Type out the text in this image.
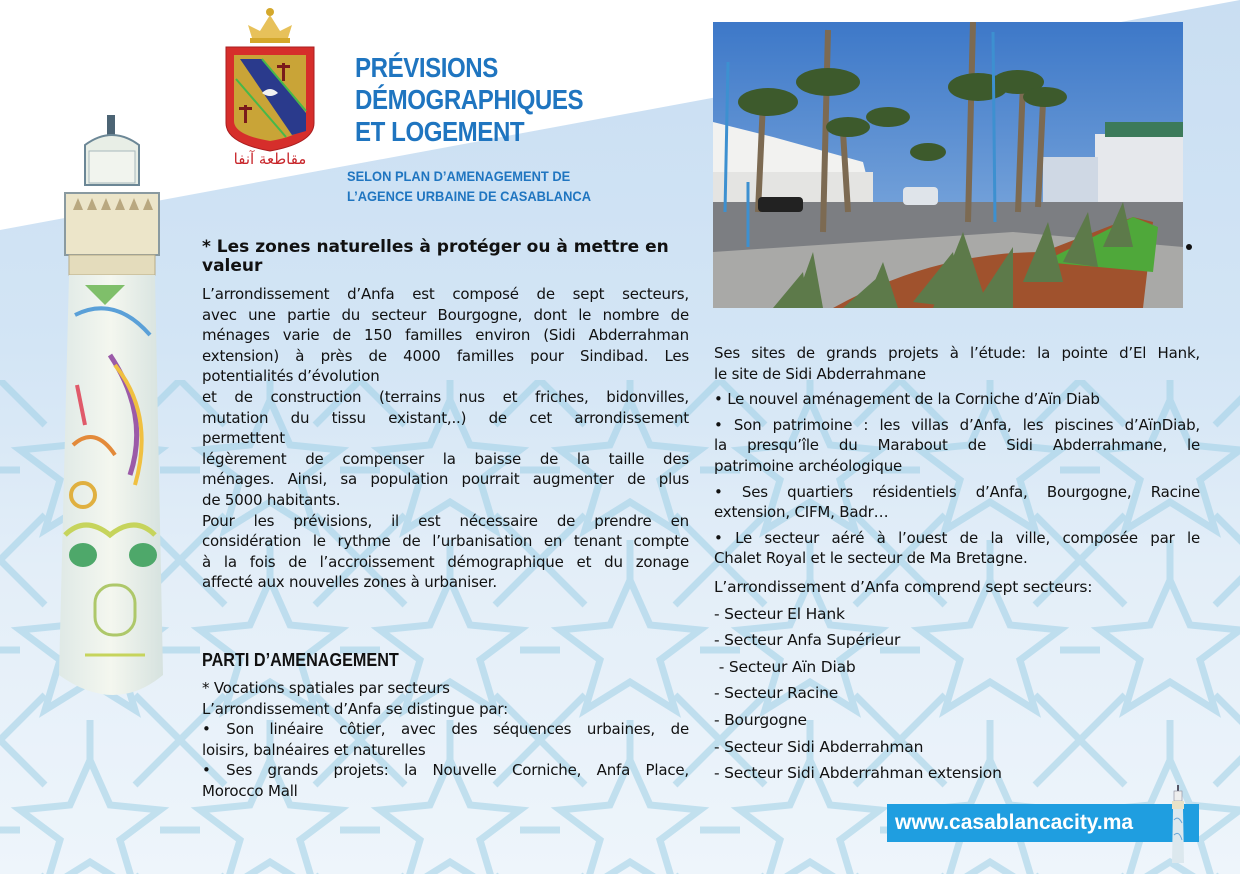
مقاطعة آنفا
PRÉVISIONS
DÉMOGRAPHIQUES
ET LOGEMENT
SELON PLAN D’AMENAGEMENT DE
L’AGENCE URBAINE DE CASABLANCA
* Les zones naturelles à protéger ou à mettre en valeur
L’arrondissement d’Anfa est composé de sept secteurs,
avec une partie du secteur Bourgogne, dont le nombre de
ménages varie de 150 familles environ (Sidi Abderrahman
extension) à près de 4000 familles pour Sindibad. Les
potentialités d’évolution
et de construction (terrains nus et friches, bidonvilles,
mutation du tissu existant,..) de cet arrondissement
permettent
légèrement de compenser la baisse de la taille des
ménages. Ainsi, sa population pourrait augmenter de plus
de 5000 habitants.
Pour les prévisions, il est nécessaire de prendre en
considération le rythme de l’urbanisation en tenant compte
à la fois de l’accroissement démographique et du zonage
affecté aux nouvelles zones à urbaniser.
PARTI D’AMENAGEMENT
* Vocations spatiales par secteurs
L’arrondissement d’Anfa se distingue par:
• Son linéaire côtier, avec des séquences urbaines, de
loisirs, balnéaires et naturelles
• Ses grands projets: la Nouvelle Corniche, Anfa Place,
Morocco Mall
Ses sites de grands projets à l’étude: la pointe d’El Hank,
le site de Sidi Abderrahmane
• Le nouvel aménagement de la Corniche d’Aïn Diab
• Son patrimoine : les villas d’Anfa, les piscines d’AïnDiab,
la presqu’île du Marabout de Sidi Abderrahmane, le
patrimoine archéologique
• Ses quartiers résidentiels d’Anfa, Bourgogne, Racine
extension, CIFM, Badr…
• Le secteur aéré à l’ouest de la ville, composée par le
Chalet Royal et le secteur de Ma Bretagne.
L’arrondissement d’Anfa comprend sept secteurs:
- Secteur El Hank
- Secteur Anfa Supérieur
- Secteur Aïn Diab
- Secteur Racine
- Bourgogne
- Secteur Sidi Abderrahman
- Secteur Sidi Abderrahman extension
www.casablancacity.ma
